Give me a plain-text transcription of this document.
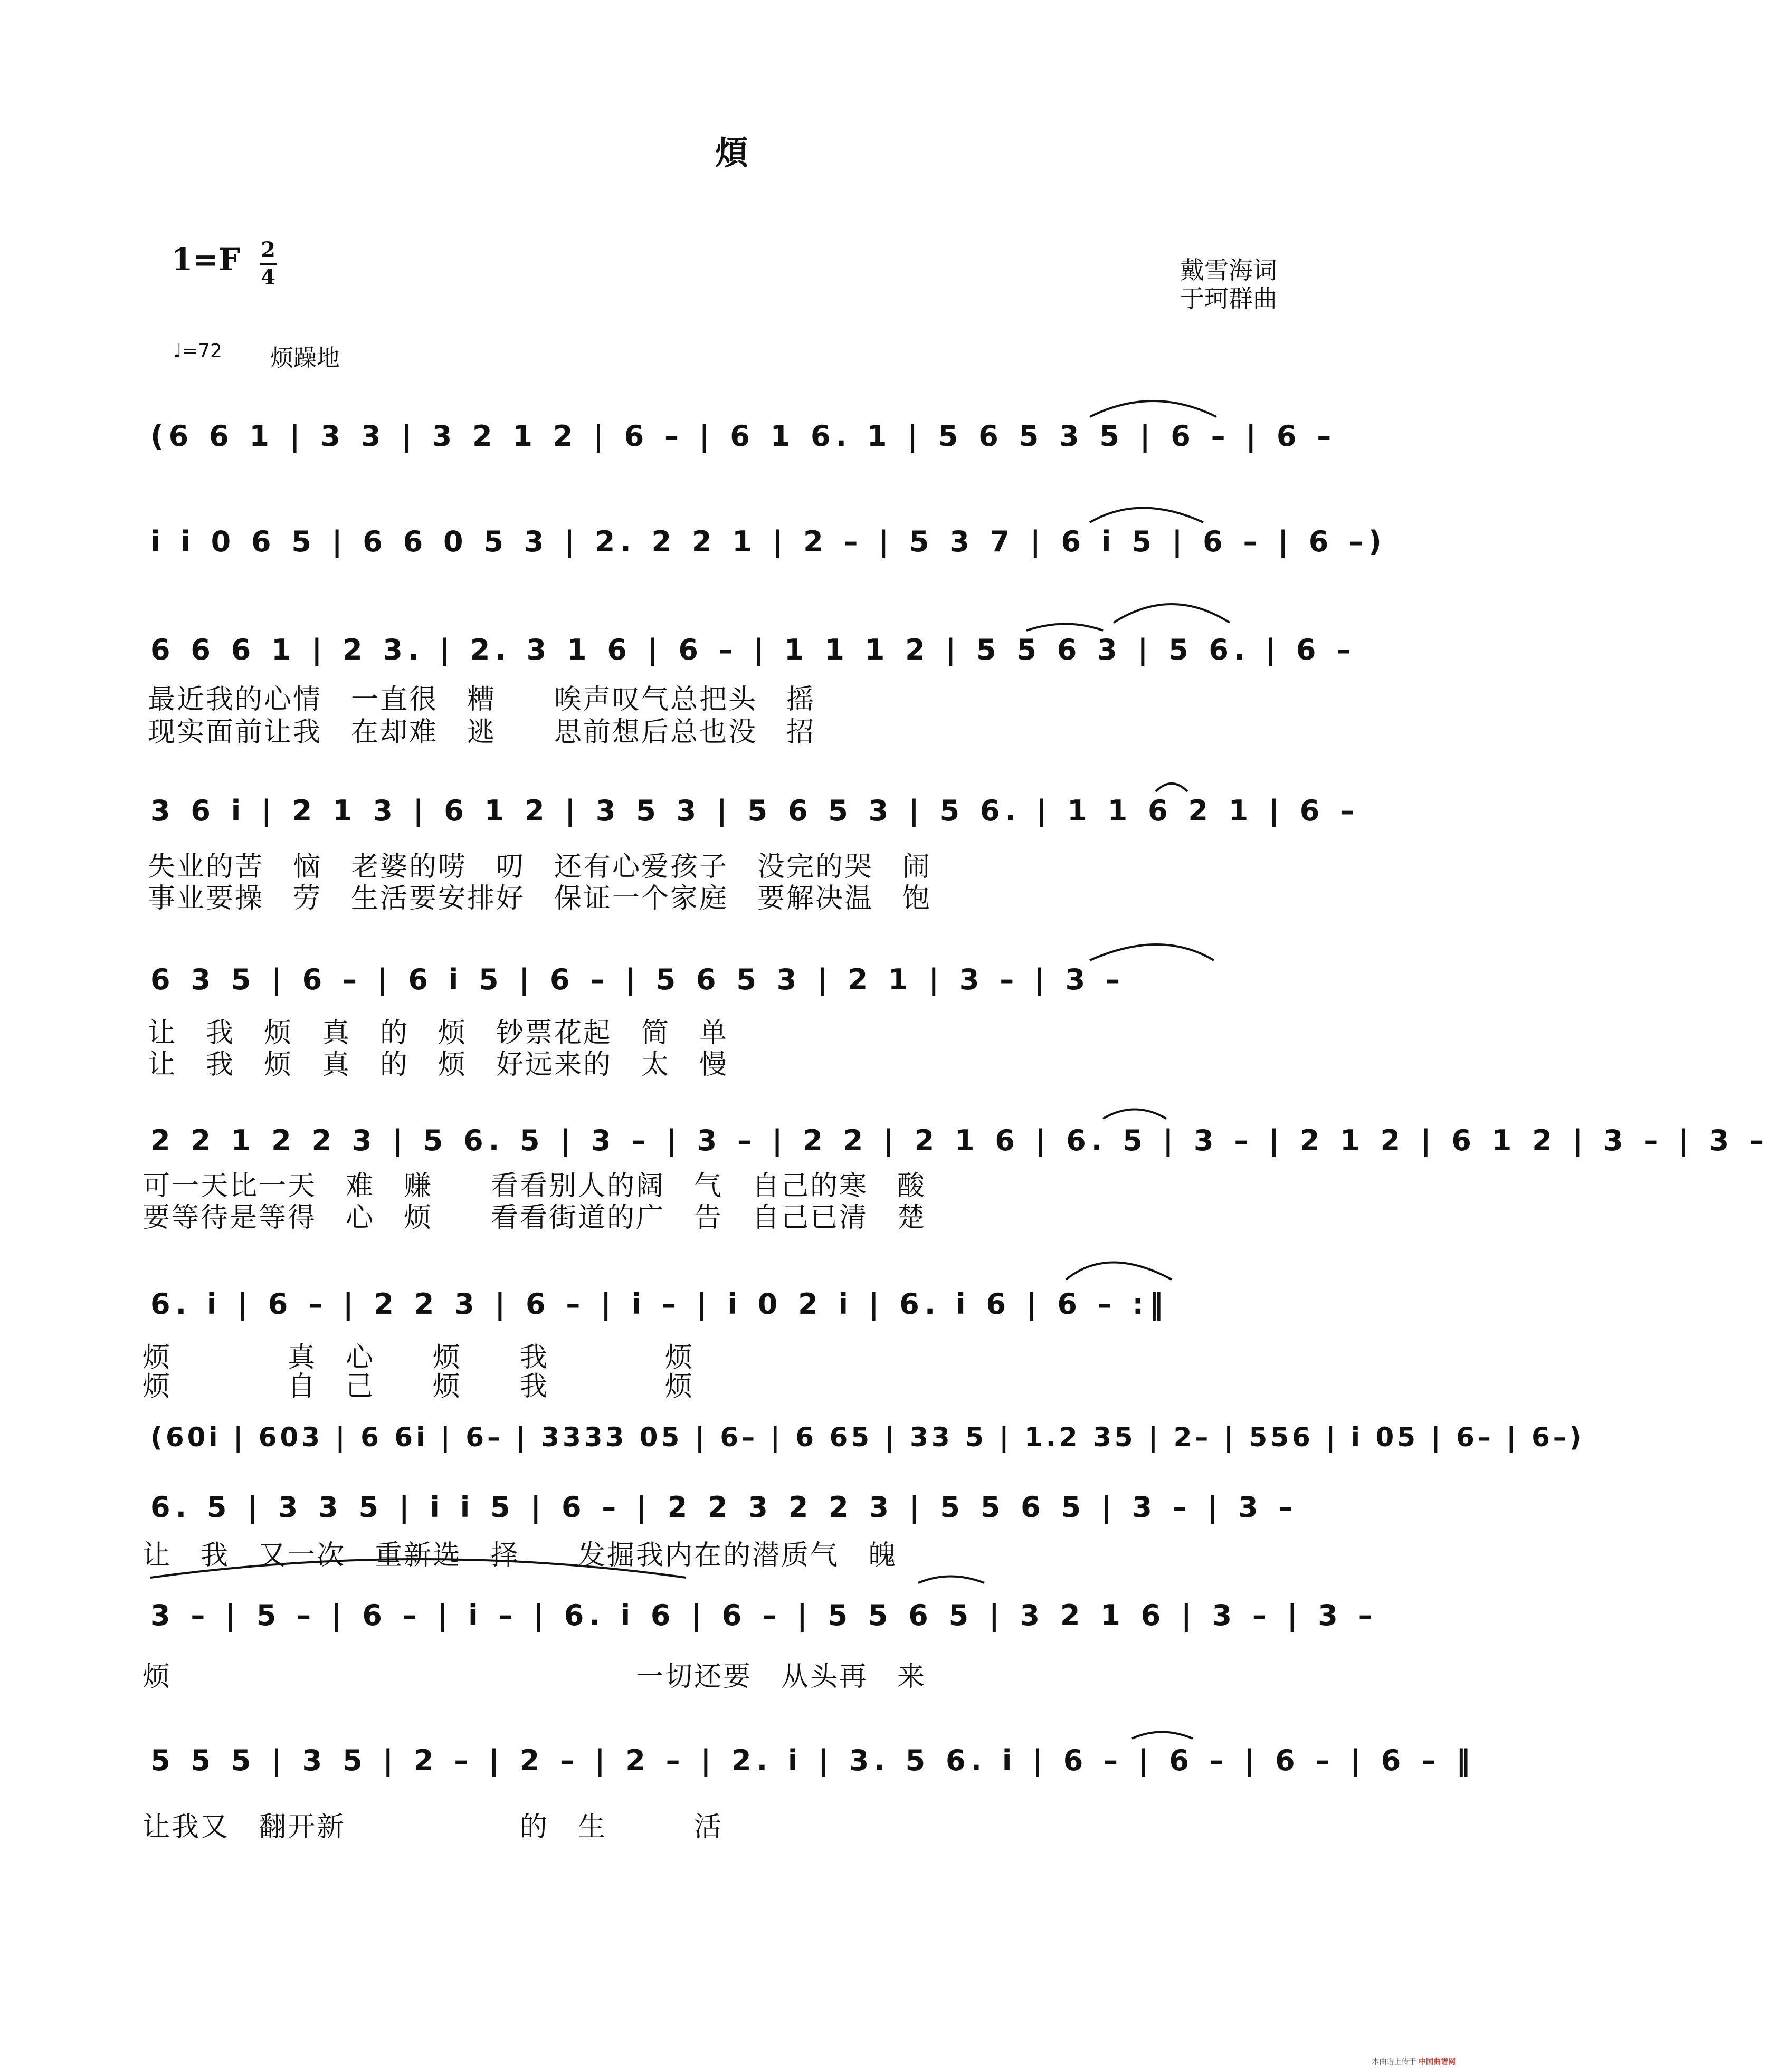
煩
1=F 2
4	戴雪海词
于珂群曲
♩=72 烦躁地
(6 6 1 | 3 3 | 3 2 1 2 | 6 – | 6 1 6. 1 | 5 6 5 3 5 | 6 – | 6 –
i i 0 6 5 | 6 6 0 5 3 | 2. 2 2 1 | 2 – | 5 3 7 | 6 i 5 | 6 – | 6 –)
6 6 6 1 | 2 3. | 2. 3 1 6 | 6 – | 1 1 1 2 | 5 5 6 3 | 5 6. | 6 –
最近我的心情　一直很　糟　　唉声叹气总把头　摇
现实面前让我　在却难　逃　　思前想后总也没　招
3 6 i | 2 1 3 | 6 1 2 | 3 5 3 | 5 6 5 3 | 5 6. | 1 1 6 2 1 | 6 –
失业的苦　恼　老婆的唠　叨　还有心爱孩子　没完的哭　闹
事业要操　劳　生活要安排好　保证一个家庭　要解决温　饱
6 3 5 | 6 – | 6 i 5 | 6 – | 5 6 5 3 | 2 1 | 3 – | 3 –
让　我　烦　真　的　烦　钞票花起　简　单
让　我　烦　真　的　烦　好远来的　太　慢
2 2 1 2 2 3 | 5 6. 5 | 3 – | 3 – | 2 2 | 2 1 6 | 6. 5 | 3 – | 2 1 2 | 6 1 2 | 3 – | 3 –
可一天比一天　难　赚　　看看别人的阔　气　自己的寒　酸
要等待是等得　心　烦　　看看街道的广　告　自己已清　楚
6. i | 6 – | 2 2 3 | 6 – | i – | i 0 2 i | 6. i 6 | 6 – :‖
烦　　　　真　心　　烦　　我　　　　烦
烦　　　　自　己　　烦　　我　　　　烦
(60i | 603 | 6 6i | 6– | 3333 05 | 6– | 6 65 | 33 5 | 1.2 35 | 2– | 556 | i 05 | 6– | 6–)
6. 5 | 3 3 5 | i i 5 | 6 – | 2 2 3 2 2 3 | 5 5 6 5 | 3 – | 3 –
让　我　又一次　重新选　择　　发掘我内在的潜质气　魄
3 – | 5 – | 6 – | i – | 6. i 6 | 6 – | 5 5 6 5 | 3 2 1 6 | 3 – | 3 –
烦　　　　　　　　　　　　　　　　一切还要　从头再　来
5 5 5 | 3 5 | 2 – | 2 – | 2 – | 2. i | 3. 5 6. i | 6 – | 6 – | 6 – | 6 – ‖
让我又　翻开新　　　　　　的　生　　　活
本曲谱上传于 中国曲谱网
